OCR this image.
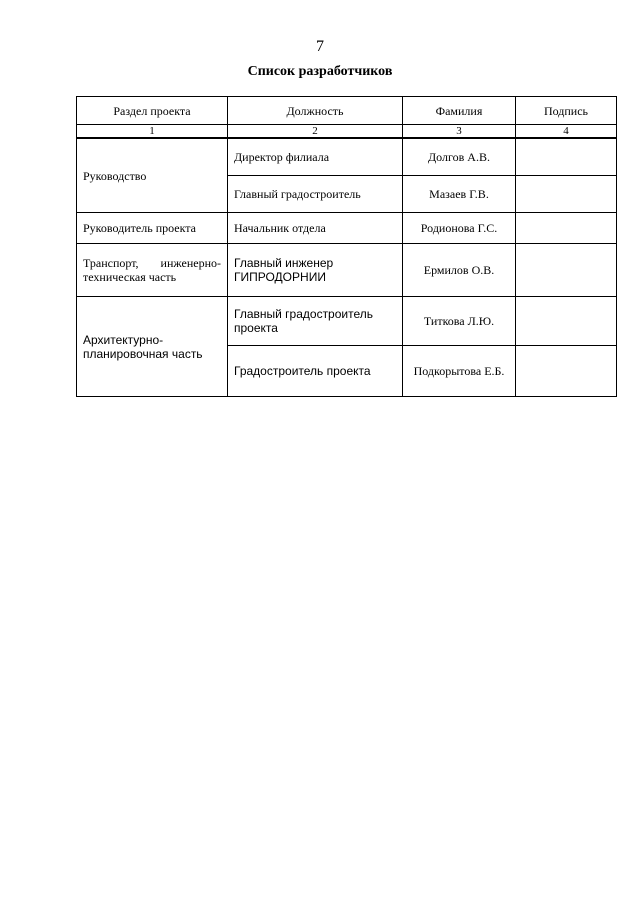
7
Список разработчиков
Раздел проекта	Должность	Фамилия	Подпись
1	2	3	4
Руководство	Директор филиала	Долгов А.В.	
	Главный градостроитель	Мазаев Г.В.	
Руководитель проекта	Начальник отдела	Родионова Г.С.	
Транспорт, инженерно-техническая часть	Главный инженер ГИПРОДОРНИИ	Ермилов О.В.	
Архитектурно-планировочная часть	Главный градостроитель проекта	Титкова Л.Ю.	
	Градостроитель проекта	Подкорытова Е.Б.	
